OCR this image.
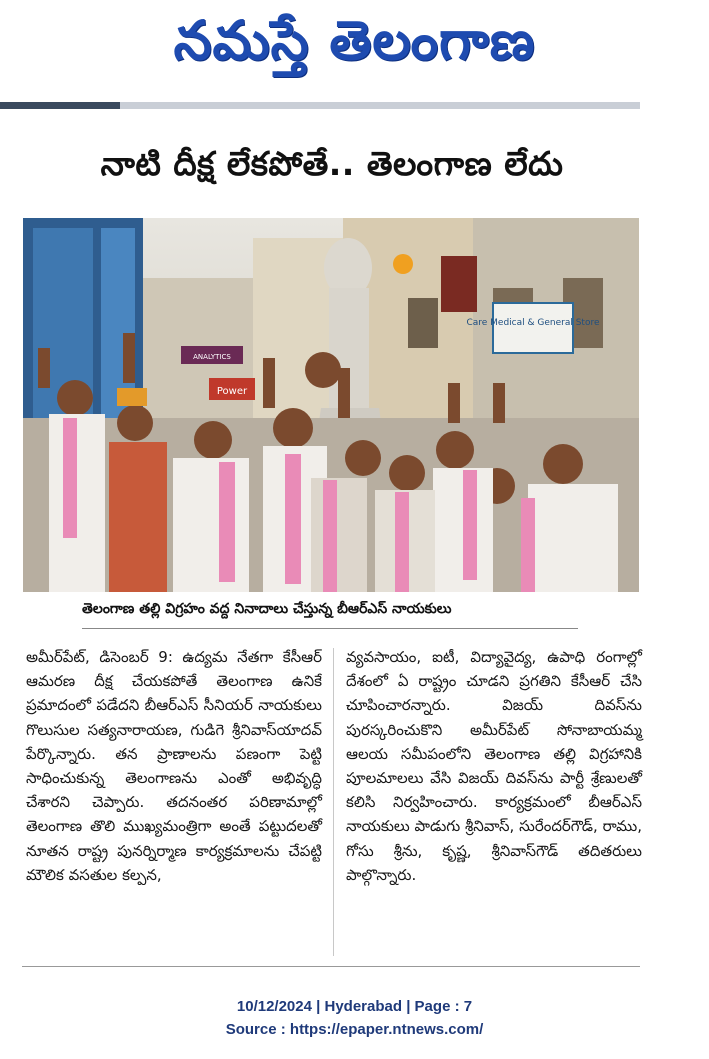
నమస్తే తెలంగాణ
నాటి దీక్ష లేకపోతే.. తెలంగాణ లేదు
Care Medical & General Store
ANALYTICS
Power
తెలంగాణ తల్లి విగ్రహం వద్ద నినాదాలు చేస్తున్న బీఆర్ఎస్ నాయకులు
అమీర్‌పేట్, డిసెంబర్ 9: ఉద్యమ నేతగా కేసీఆర్ ఆమరణ దీక్ష చేయకపోతే తెలంగాణ ఉనికే ప్రమాదంలో పడేదని బీఆర్ఎస్ సీనియర్ నాయకులు గొలుసుల సత్యనారాయణ, గుడిగె శ్రీనివాస్‌యాదవ్ పేర్కొన్నారు. తన ప్రాణాలను పణంగా పెట్టి సాధించుకున్న తెలంగాణను ఎంతో అభివృద్ధి చేశారని చెప్పారు. తదనంతర పరిణామాల్లో తెలంగాణ తొలి ముఖ్యమంత్రిగా అంతే పట్టుదలతో నూతన రాష్ట్ర పునర్నిర్మాణ కార్యక్రమాలను చేపట్టి మౌలిక వసతుల కల్పన,
వ్యవసాయం, ఐటీ, విద్యావైద్య, ఉపాధి రంగాల్లో దేశంలో ఏ రాష్ట్రం చూడని ప్రగతిని కేసీఆర్ చేసి చూపించారన్నారు. విజయ్ దివస్‌ను పురస్కరించుకొని అమీర్‌పేట్ సోనాబాయమ్మ ఆలయ సమీపంలోని తెలంగాణ తల్లి విగ్రహానికి పూలమాలలు వేసి విజయ్ దివస్‌ను పార్టీ శ్రేణులతో కలిసి నిర్వహించారు. కార్యక్రమంలో బీఆర్ఎస్ నాయకులు పాడుగు శ్రీనివాస్, సురేందర్‌గౌడ్, రాము, గోసు శ్రీను, కృష్ణ, శ్రీనివాస్‌గౌడ్ తదితరులు పాల్గొన్నారు.
10/12/2024 | Hyderabad | Page : 7
Source : https://epaper.ntnews.com/
